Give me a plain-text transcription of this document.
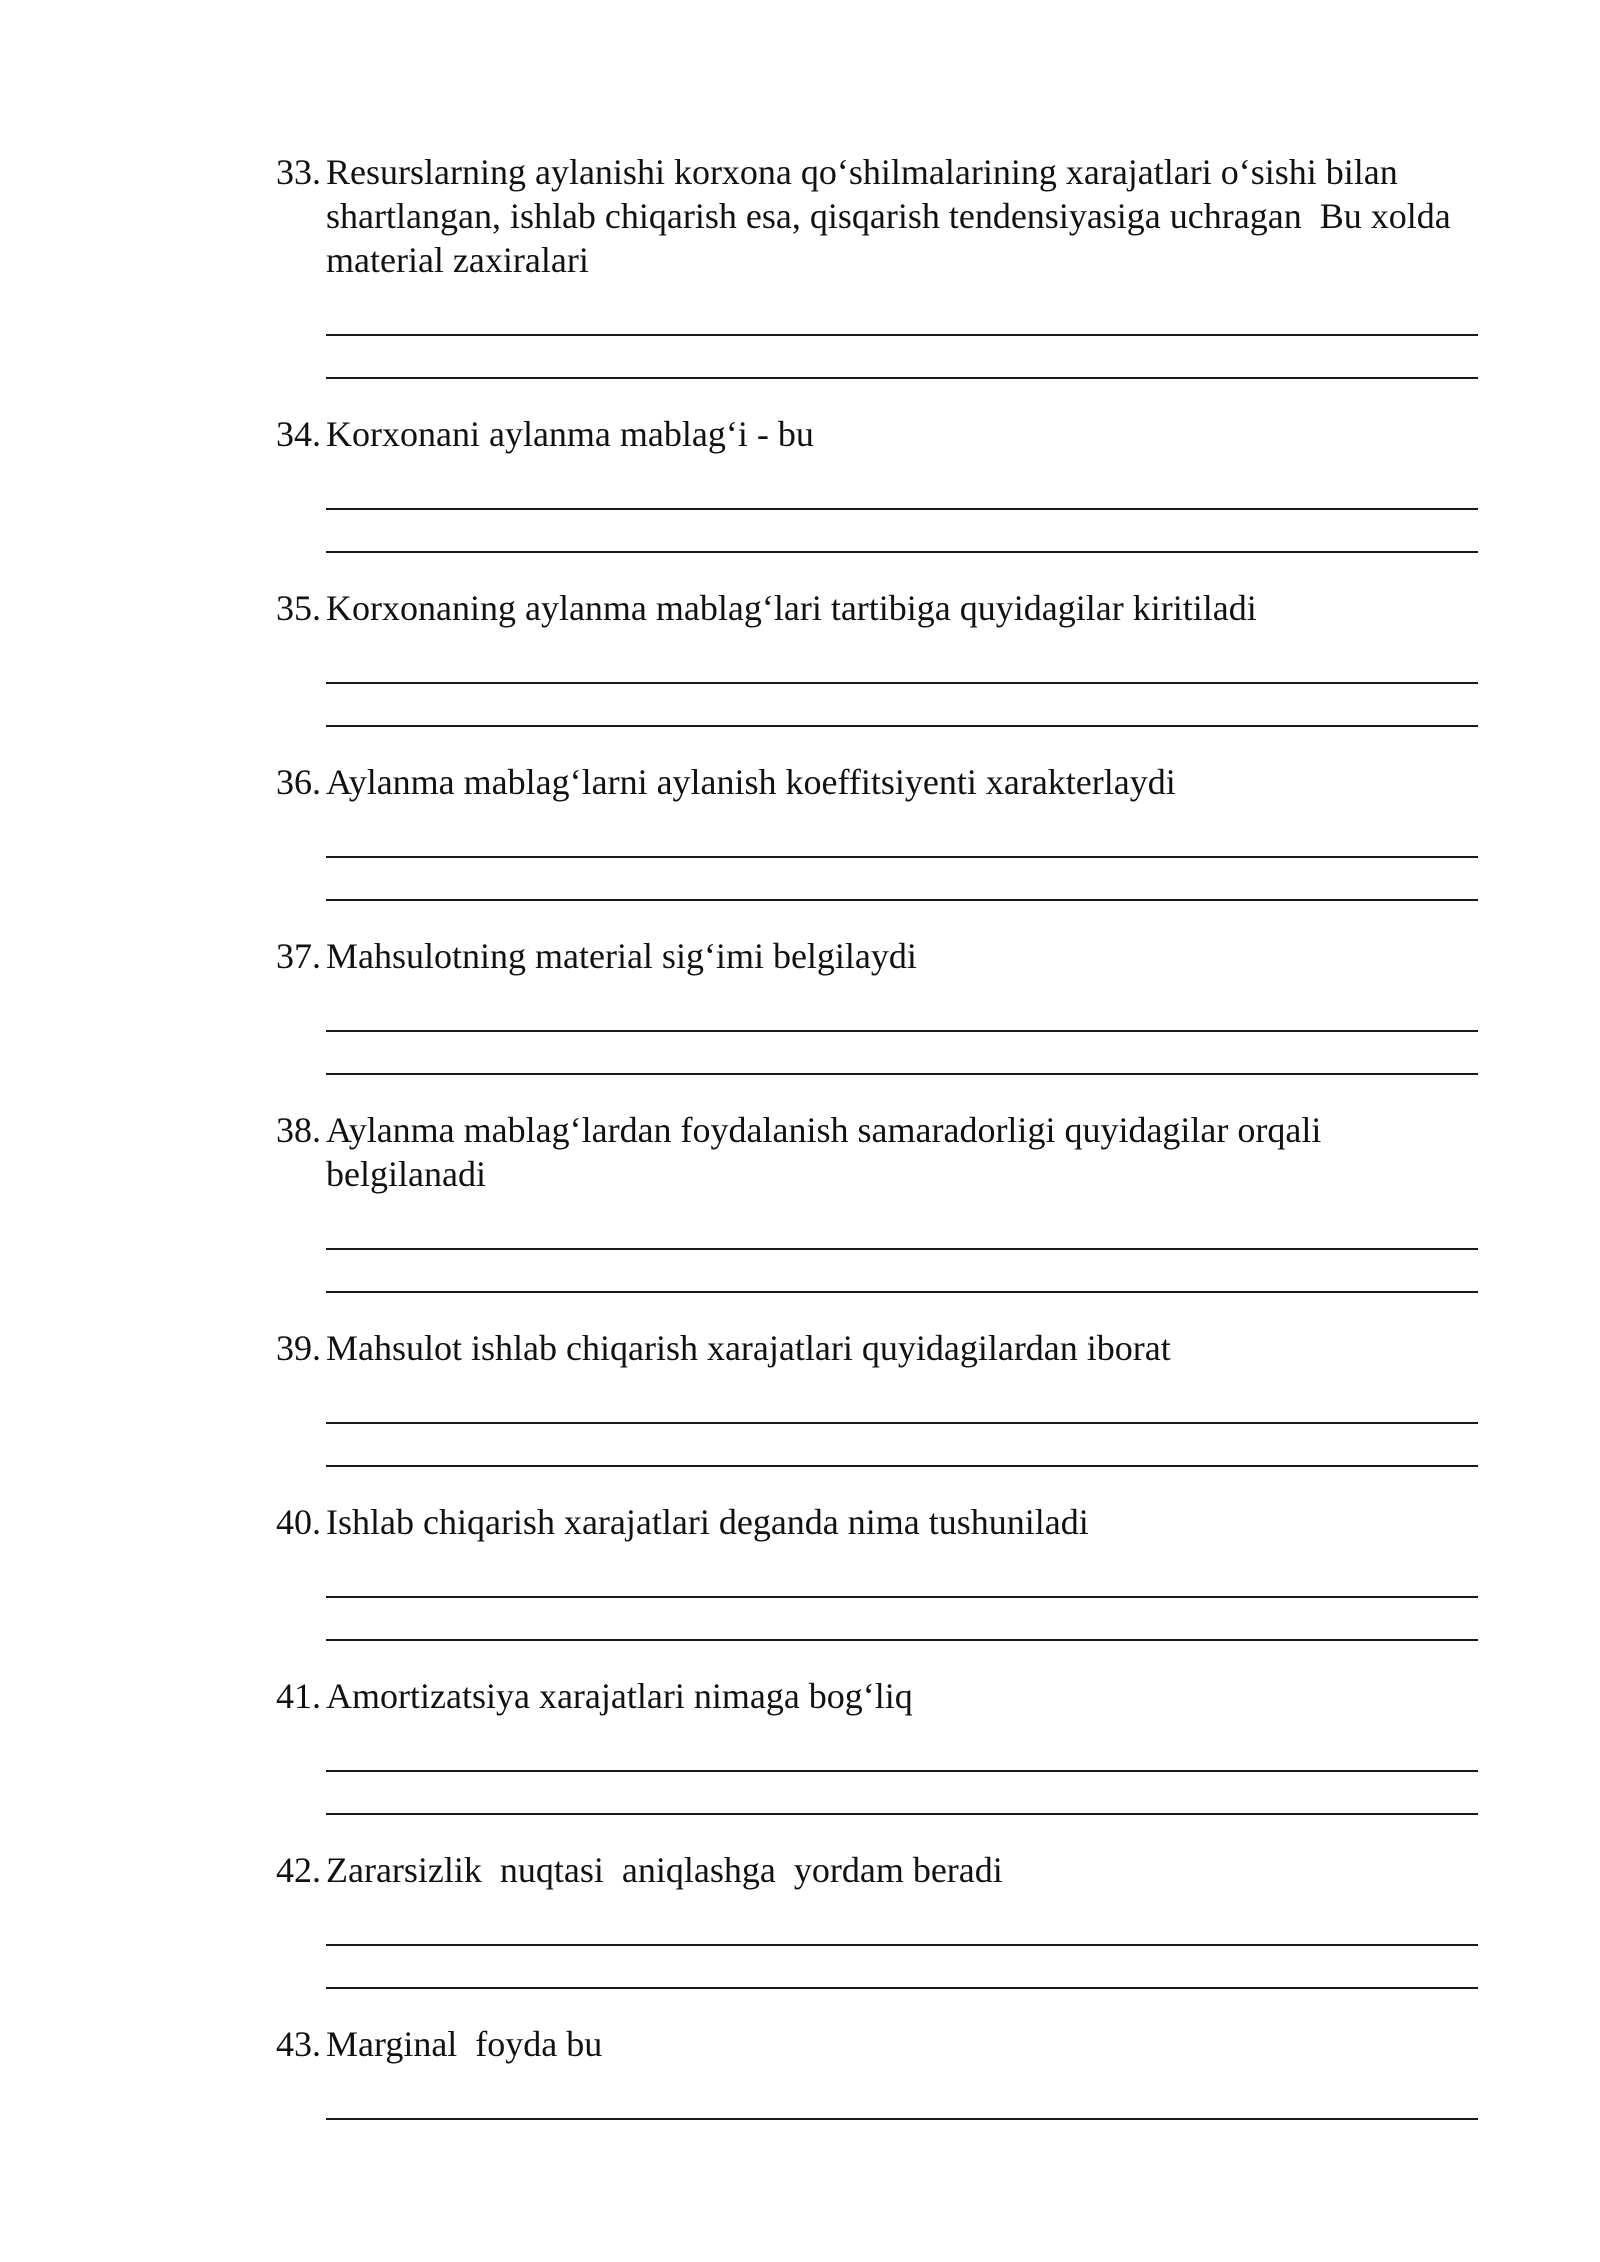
33. Resurslarning aylanishi korxona qo‘shilmalarining xarajatlari o‘sishi bilan shartlangan, ishlab chiqarish esa, qisqarish tendensiyasiga uchragan  Bu xolda material zaxiralari
34. Korxonani aylanma mablag‘i - bu
35. Korxonaning aylanma mablag‘lari tartibiga quyidagilar kiritiladi
36. Aylanma mablag‘larni aylanish koeffitsiyenti xarakterlaydi
37. Mahsulotning material sig‘imi belgilaydi
38. Aylanma mablag‘lardan foydalanish samaradorligi quyidagilar orqali belgilanadi
39. Mahsulot ishlab chiqarish xarajatlari quyidagilardan iborat
40. Ishlab chiqarish xarajatlari deganda nima tushuniladi
41. Amortizatsiya xarajatlari nimaga bog‘liq
42. Zararsizlik  nuqtasi  aniqlashga  yordam beradi
43. Marginal  foyda bu
